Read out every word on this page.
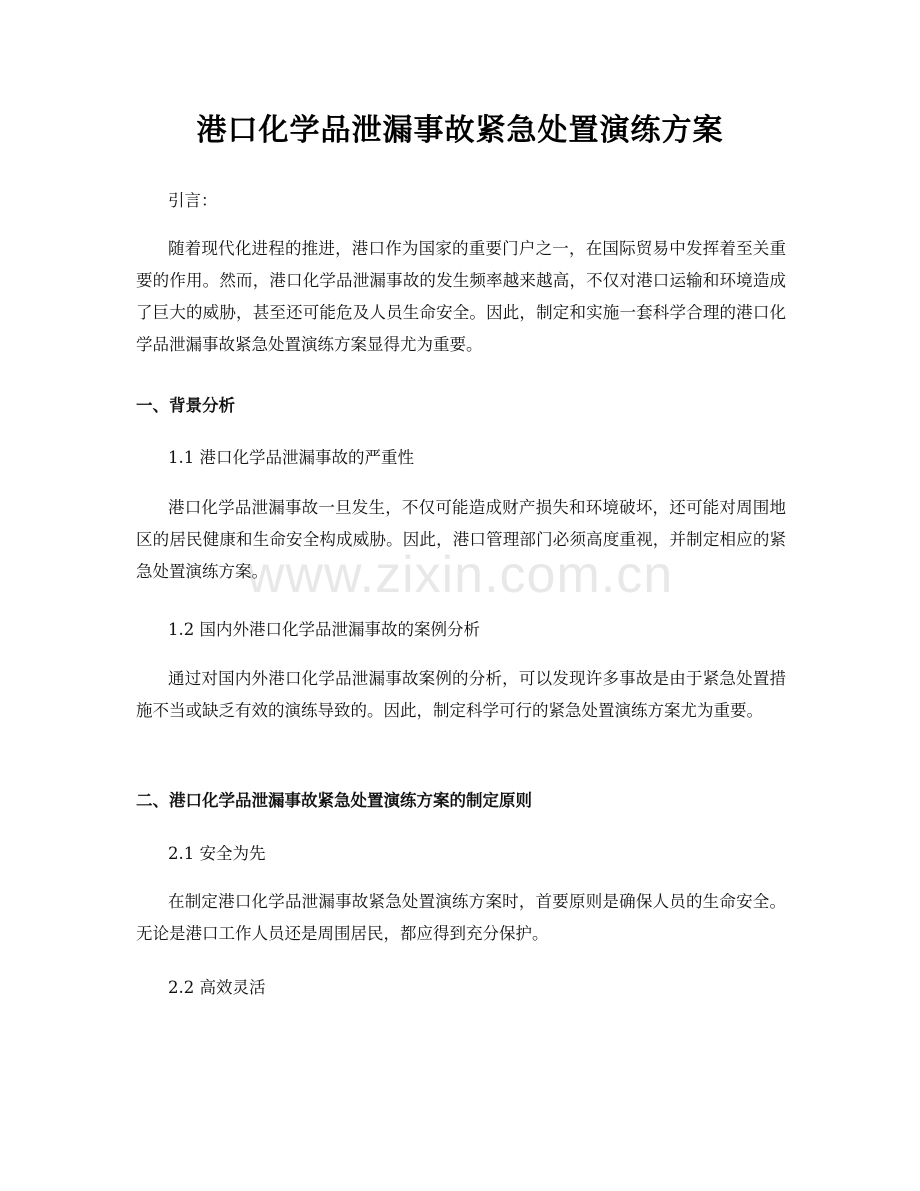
港口化学品泄漏事故紧急处置演练方案

引言：

随着现代化进程的推进，港口作为国家的重要门户之一，在国际贸易中发挥着至关重要的作用。然而，港口化学品泄漏事故的发生频率越来越高，不仅对港口运输和环境造成了巨大的威胁，甚至还可能危及人员生命安全。因此，制定和实施一套科学合理的港口化学品泄漏事故紧急处置演练方案显得尤为重要。

一、背景分析

1.1 港口化学品泄漏事故的严重性

港口化学品泄漏事故一旦发生，不仅可能造成财产损失和环境破坏，还可能对周围地区的居民健康和生命安全构成威胁。因此，港口管理部门必须高度重视，并制定相应的紧急处置演练方案。

1.2 国内外港口化学品泄漏事故的案例分析

通过对国内外港口化学品泄漏事故案例的分析，可以发现许多事故是由于紧急处置措施不当或缺乏有效的演练导致的。因此，制定科学可行的紧急处置演练方案尤为重要。

二、港口化学品泄漏事故紧急处置演练方案的制定原则

2.1 安全为先

在制定港口化学品泄漏事故紧急处置演练方案时，首要原则是确保人员的生命安全。无论是港口工作人员还是周围居民，都应得到充分保护。

2.2 高效灵活

www.zixin.com.cn
